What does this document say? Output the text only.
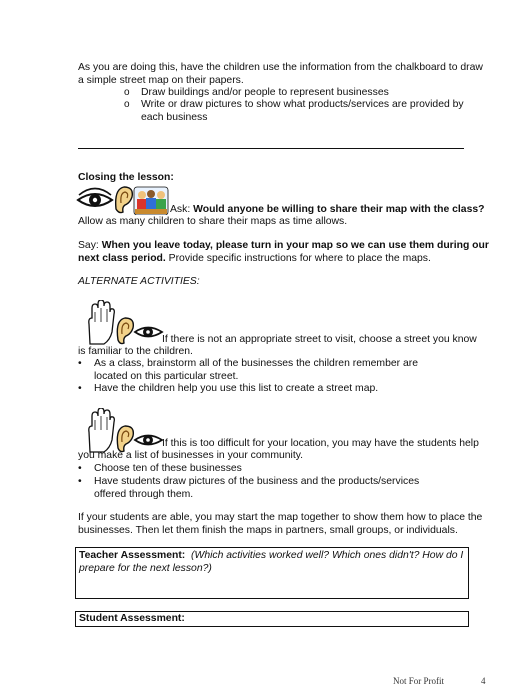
As you are doing this, have the children use the information from the chalkboard to draw

a simple street map on their papers.

o Draw buildings and/or people to represent businesses
o Write or draw pictures to show what products/services are provided by each business

Closing the lesson:

Ask: Would anyone be willing to share their map with the class?

Allow as many children to share their maps as time allows.

Say: When you leave today, please turn in your map so we can use them during our next class period. Provide specific instructions for where to place the maps.

ALTERNATE ACTIVITIES:

If there is not an appropriate street to visit, choose a street you know

is familiar to the children.

• As a class, brainstorm all of the businesses the children remember are located on this particular street.
• Have the children help you use this list to create a street map.

If this is too difficult for your location, you may have the students help

you make a list of businesses in your community.

• Choose ten of these businesses
• Have students draw pictures of the business and the products/services offered through them.

If your students are able, you may start the map together to show them how to place the businesses. Then let them finish the maps in partners, small groups, or individuals.

Teacher Assessment: (Which activities worked well? Which ones didn't? How do I prepare for the next lesson?)

Student Assessment:
Not For Profit	4
